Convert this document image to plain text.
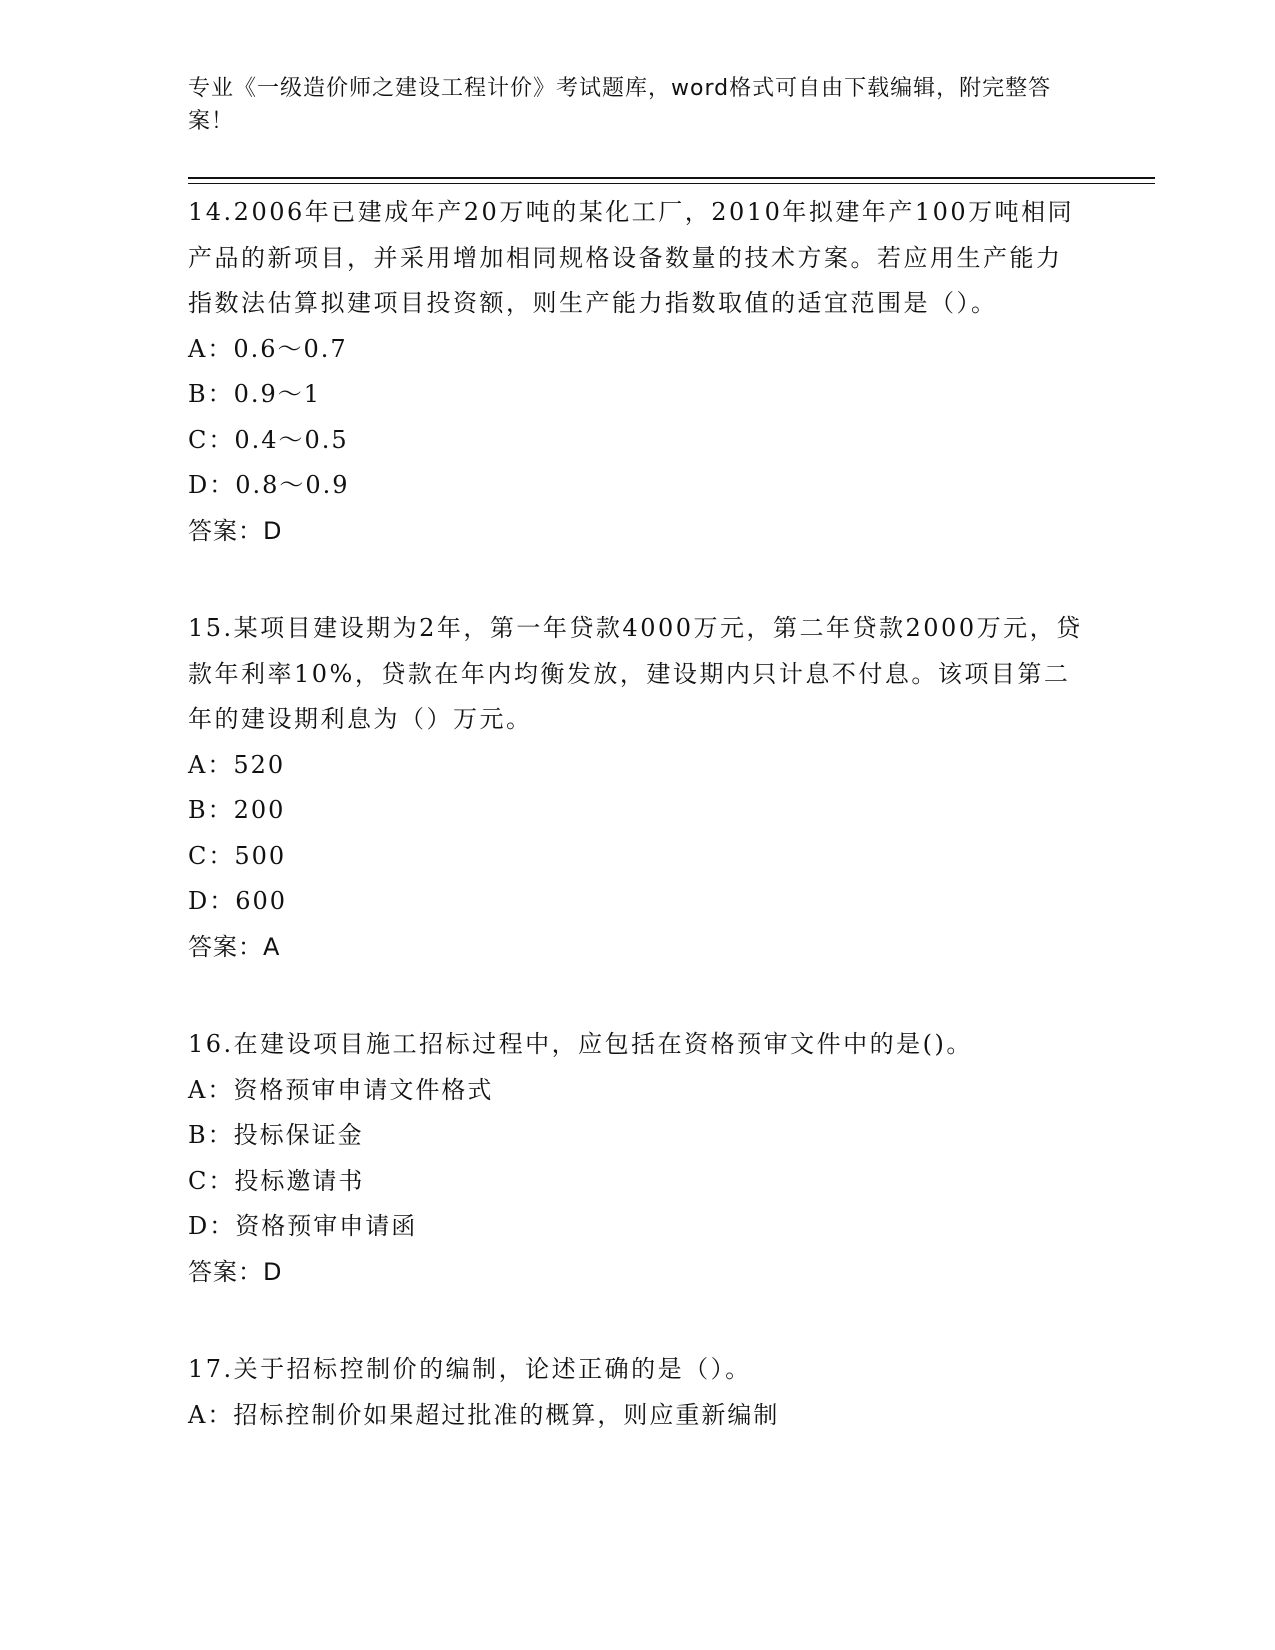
专业《一级造价师之建设工程计价》考试题库，word格式可自由下载编辑，附完整答案！
14.2006年已建成年产20万吨的某化工厂，2010年拟建年产100万吨相同产品的新项目，并采用增加相同规格设备数量的技术方案。若应用生产能力指数法估算拟建项目投资额，则生产能力指数取值的适宜范围是（）。
A：0.6～0.7
B：0.9～1
C：0.4～0.5
D：0.8～0.9
答案：D
15.某项目建设期为2年，第一年贷款4000万元，第二年贷款2000万元，贷款年利率10%，贷款在年内均衡发放，建设期内只计息不付息。该项目第二年的建设期利息为（）万元。
A：520
B：200
C：500
D：600
答案：A
16.在建设项目施工招标过程中，应包括在资格预审文件中的是()。
A：资格预审申请文件格式
B：投标保证金
C：投标邀请书
D：资格预审申请函
答案：D
17.关于招标控制价的编制，论述正确的是（）。
A：招标控制价如果超过批准的概算，则应重新编制
